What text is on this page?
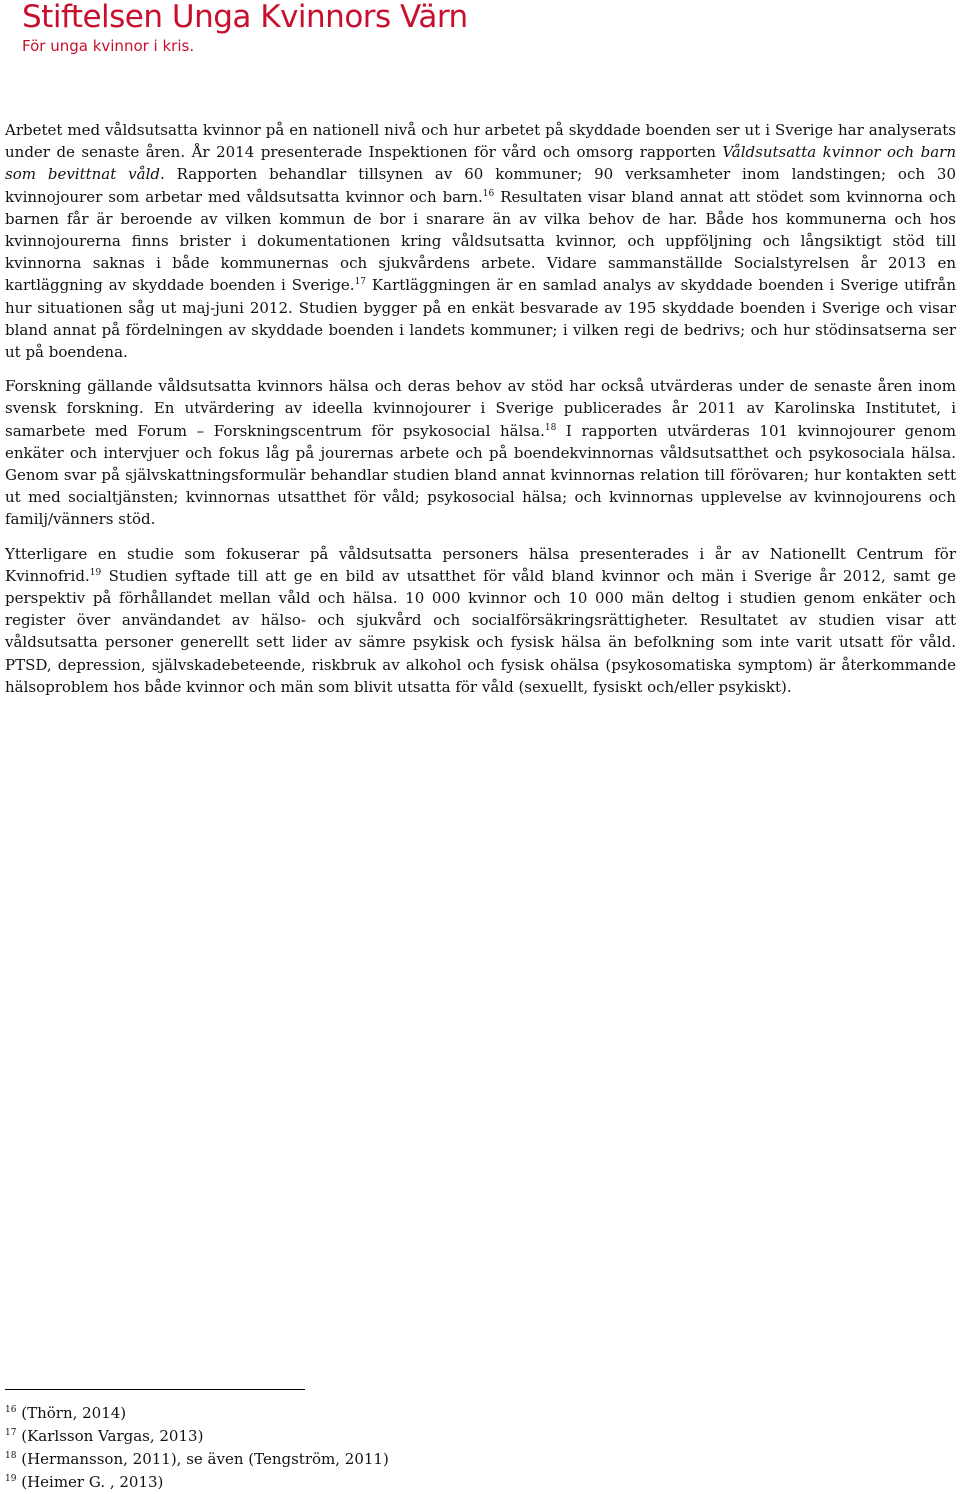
Stiftelsen Unga Kvinnors Värn
För unga kvinnor i kris.

Arbetet med våldsutsatta kvinnor på en nationell nivå och hur arbetet på skyddade boenden ser ut i Sverige har analyserats under de senaste åren. År 2014 presenterade Inspektionen för vård och omsorg rapporten Våldsutsatta kvinnor och barn som bevittnat våld. Rapporten behandlar tillsynen av 60 kommuner; 90 verksamheter inom landstingen; och 30 kvinnojourer som arbetar med våldsutsatta kvinnor och barn.$^{16}$ Resultaten visar bland annat att stödet som kvinnorna och barnen får är beroende av vilken kommun de bor i snarare än av vilka behov de har. Både hos kommunerna och hos kvinnojourerna finns brister i dokumentationen kring våldsutsatta kvinnor, och uppföljning och långsiktigt stöd till kvinnorna saknas i både kommunernas och sjukvårdens arbete. Vidare sammanställde Socialstyrelsen år 2013 en kartläggning av skyddade boenden i Sverige.$^{17}$ Kartläggningen är en samlad analys av skyddade boenden i Sverige utifrån hur situationen såg ut maj-juni 2012. Studien bygger på en enkät besvarade av 195 skyddade boenden i Sverige och visar bland annat på fördelningen av skyddade boenden i landets kommuner; i vilken regi de bedrivs; och hur stödinsatserna ser ut på boendena.

Forskning gällande våldsutsatta kvinnors hälsa och deras behov av stöd har också utvärderas under de senaste åren inom svensk forskning. En utvärdering av ideella kvinnojourer i Sverige publicerades år 2011 av Karolinska Institutet, i samarbete med Forum – Forskningscentrum för psykosocial hälsa.$^{18}$ I rapporten utvärderas 101 kvinnojourer genom enkäter och intervjuer och fokus låg på jourernas arbete och på boendekvinnornas våldsutsatthet och psykosociala hälsa. Genom svar på självskattningsformulär behandlar studien bland annat kvinnornas relation till förövaren; hur kontakten sett ut med socialtjänsten; kvinnornas utsatthet för våld; psykosocial hälsa; och kvinnornas upplevelse av kvinnojourens och familj/vänners stöd.

Ytterligare en studie som fokuserar på våldsutsatta personers hälsa presenterades i år av Nationellt Centrum för Kvinnofrid.$^{19}$ Studien syftade till att ge en bild av utsatthet för våld bland kvinnor och män i Sverige år 2012, samt ge perspektiv på förhållandet mellan våld och hälsa. 10 000 kvinnor och 10 000 män deltog i studien genom enkäter och register över användandet av hälso- och sjukvård och socialförsäkringsrättigheter. Resultatet av studien visar att våldsutsatta personer generellt sett lider av sämre psykisk och fysisk hälsa än befolkning som inte varit utsatt för våld. PTSD, depression, självskadebeteende, riskbruk av alkohol och fysisk ohälsa (psykosomatiska symptom) är återkommande hälsoproblem hos både kvinnor och män som blivit utsatta för våld (sexuellt, fysiskt och/eller psykiskt).

$^{16}$ (Thörn, 2014)
$^{17}$ (Karlsson Vargas, 2013)
$^{18}$ (Hermansson, 2011), se även (Tengström, 2011)
$^{19}$ (Heimer G. , 2013)
